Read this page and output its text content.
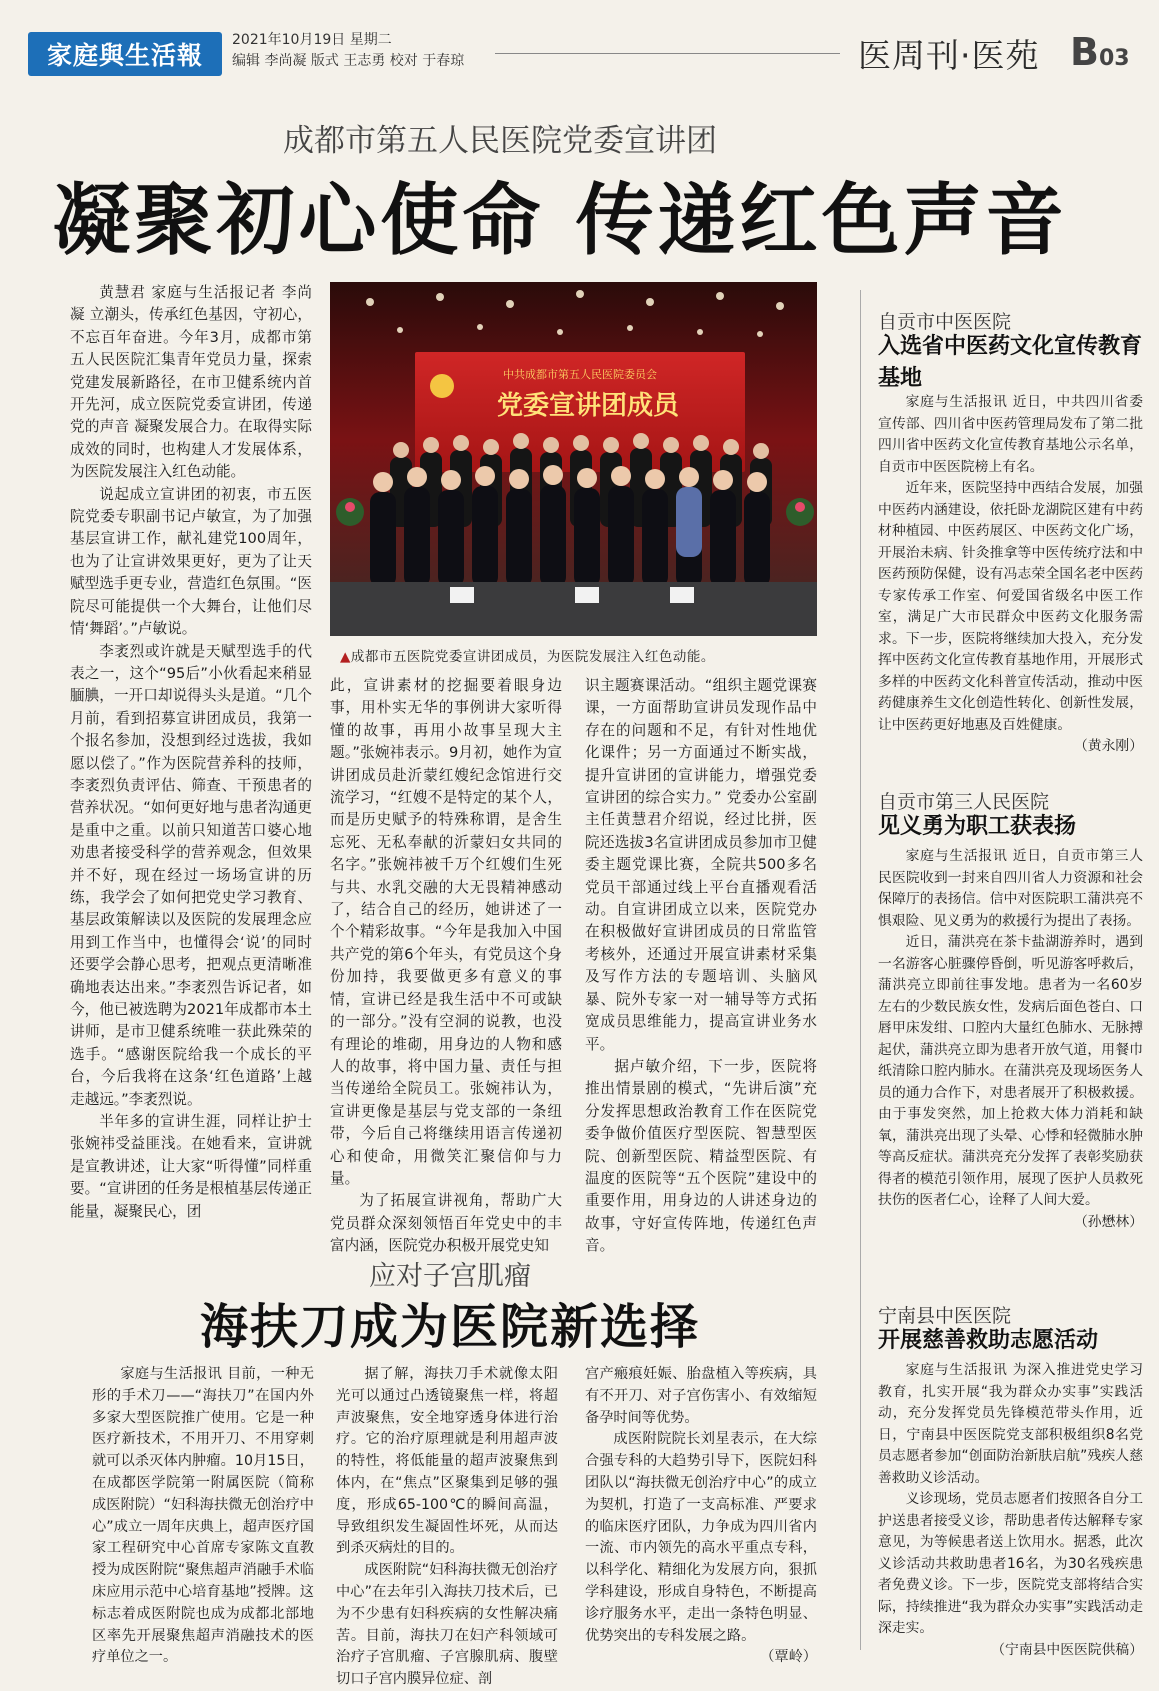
家庭與生活報
2021年10月19日 星期二
编辑 李尚凝 版式 王志勇 校对 于春琼	医周刊·医苑 B03
成都市第五人民医院党委宣讲团
凝聚初心使命 传递红色声音

黄慧君 家庭与生活报记者 李尚凝 立潮头，传承红色基因，守初心，不忘百年奋进。今年3月，成都市第五人民医院汇集青年党员力量，探索党建发展新路径，在市卫健系统内首开先河，成立医院党委宣讲团，传递党的声音 凝聚发展合力。在取得实际成效的同时，也构建人才发展体系，为医院发展注入红色动能。

说起成立宣讲团的初衷，市五医院党委专职副书记卢敏宣，为了加强基层宣讲工作，献礼建党100周年，也为了让宣讲效果更好，更为了让天赋型选手更专业，营造红色氛围。“医院尽可能提供一个大舞台，让他们尽情‘舞蹈’。”卢敏说。

李袤烈或许就是天赋型选手的代表之一，这个“95后”小伙看起来稍显腼腆，一开口却说得头头是道。“几个月前，看到招募宣讲团成员，我第一个报名参加，没想到经过选拔，我如愿以偿了。”作为医院营养科的技师，李袤烈负责评估、筛查、干预患者的营养状况。“如何更好地与患者沟通更是重中之重。以前只知道苦口婆心地劝患者接受科学的营养观念，但效果并不好，现在经过一场场宣讲的历练，我学会了如何把党史学习教育、基层政策解读以及医院的发展理念应用到工作当中，也懂得会‘说’的同时还要学会静心思考，把观点更清晰准确地表达出来。”李袤烈告诉记者，如今，他已被选聘为2021年成都市本土讲师，是市卫健系统唯一获此殊荣的选手。“感谢医院给我一个成长的平台，今后我将在这条‘红色道路’上越走越远。”李袤烈说。

半年多的宣讲生涯，同样让护士张婉祎受益匪浅。在她看来，宣讲就是宣教讲述，让大家“听得懂”同样重要。“宣讲团的任务是根植基层传递正能量，凝聚民心，团

中共成都市第五人民医院委员会
党委宣讲团成员
▲成都市五医院党委宣讲团成员，为医院发展注入红色动能。

此，宣讲素材的挖掘要着眼身边事，用朴实无华的事例讲大家听得懂的故事，再用小故事呈现大主题。”张婉祎表示。9月初，她作为宣讲团成员赴沂蒙红嫂纪念馆进行交流学习，“红嫂不是特定的某个人，而是历史赋予的特殊称谓，是舍生忘死、无私奉献的沂蒙妇女共同的名字。”张婉祎被千万个红嫂们生死与共、水乳交融的大无畏精神感动了，结合自己的经历，她讲述了一个个精彩故事。“今年是我加入中国共产党的第6个年头，有党员这个身份加持，我要做更多有意义的事情，宣讲已经是我生活中不可或缺的一部分。”没有空洞的说教，也没有理论的堆砌，用身边的人物和感人的故事，将中国力量、责任与担当传递给全院员工。张婉祎认为，宣讲更像是基层与党支部的一条纽带，今后自己将继续用语言传递初心和使命，用微笑汇聚信仰与力量。

为了拓展宣讲视角，帮助广大党员群众深刻领悟百年党史中的丰富内涵，医院党办积极开展党史知

识主题赛课活动。“组织主题党课赛课，一方面帮助宣讲员发现作品中存在的问题和不足，有针对性地优化课件；另一方面通过不断实战，提升宣讲团的宣讲能力，增强党委宣讲团的综合实力。” 党委办公室副主任黄慧君介绍说，经过比拼，医院还选拔3名宣讲团成员参加市卫健委主题党课比赛，全院共500多名党员干部通过线上平台直播观看活动。自宣讲团成立以来，医院党办在积极做好宣讲团成员的日常监管考核外，还通过开展宣讲素材采集及写作方法的专题培训、头脑风暴、院外专家一对一辅导等方式拓宽成员思维能力，提高宣讲业务水平。

据卢敏介绍，下一步，医院将推出情景剧的模式，“先讲后演”充分发挥思想政治教育工作在医院党委争做价值医疗型医院、智慧型医院、创新型医院、精益型医院、有温度的医院等“五个医院”建设中的重要作用，用身边的人讲述身边的故事，守好宣传阵地，传递红色声音。

自贡市中医医院
入选省中医药文化宣传教育基地

家庭与生活报讯 近日，中共四川省委宣传部、四川省中医药管理局发布了第二批四川省中医药文化宣传教育基地公示名单，自贡市中医医院榜上有名。

近年来，医院坚持中西结合发展，加强中医药内涵建设，依托卧龙湖院区建有中药材种植园、中医药展区、中医药文化广场，开展治未病、针灸推拿等中医传统疗法和中医药预防保健，设有冯志荣全国名老中医药专家传承工作室、何爱国省级名中医工作室，满足广大市民群众中医药文化服务需求。下一步，医院将继续加大投入，充分发挥中医药文化宣传教育基地作用，开展形式多样的中医药文化科普宣传活动，推动中医药健康养生文化创造性转化、创新性发展，让中医药更好地惠及百姓健康。

（黄永刚）
自贡市第三人民医院
见义勇为职工获表扬

家庭与生活报讯 近日，自贡市第三人民医院收到一封来自四川省人力资源和社会保障厅的表扬信。信中对医院职工蒲洪亮不惧艰险、见义勇为的救援行为提出了表扬。

近日，蒲洪亮在茶卡盐湖游养时，遇到一名游客心脏骤停昏倒，听见游客呼救后，蒲洪亮立即前往事发地。患者为一名60岁左右的少数民族女性，发病后面色苍白、口唇甲床发绀、口腔内大量红色肺水、无脉搏起伏，蒲洪亮立即为患者开放气道，用餐巾纸清除口腔内肺水。在蒲洪亮及现场医务人员的通力合作下，对患者展开了积极救援。由于事发突然，加上抢救大体力消耗和缺氧，蒲洪亮出现了头晕、心悸和轻微肺水肿等高反症状。蒲洪亮充分发挥了表彰奖励获得者的模范引领作用，展现了医护人员救死扶伤的医者仁心，诠释了人间大爱。

（孙懋林）
宁南县中医医院
开展慈善救助志愿活动

家庭与生活报讯 为深入推进党史学习教育，扎实开展“我为群众办实事”实践活动，充分发挥党员先锋模范带头作用，近日，宁南县中医医院党支部积极组织8名党员志愿者参加“创面防治新肤启航”残疾人慈善救助义诊活动。

义诊现场，党员志愿者们按照各自分工护送患者接受义诊，帮助患者传达解释专家意见，为等候患者送上饮用水。据悉，此次义诊活动共救助患者16名，为30名残疾患者免费义诊。下一步，医院党支部将结合实际，持续推进“我为群众办实事”实践活动走深走实。

（宁南县中医医院供稿）
应对子宫肌瘤
海扶刀成为医院新选择

家庭与生活报讯 目前，一种无形的手术刀——“海扶刀”在国内外多家大型医院推广使用。它是一种医疗新技术，不用开刀、不用穿刺就可以杀灭体内肿瘤。10月15日，在成都医学院第一附属医院（简称成医附院）“妇科海扶微无创治疗中心”成立一周年庆典上，超声医疗国家工程研究中心首席专家陈文直教授为成医附院“聚焦超声消融手术临床应用示范中心培育基地”授牌。这标志着成医附院也成为成都北部地区率先开展聚焦超声消融技术的医疗单位之一。

据了解，海扶刀手术就像太阳光可以通过凸透镜聚焦一样，将超声波聚焦，安全地穿透身体进行治疗。它的治疗原理就是利用超声波的特性，将低能量的超声波聚焦到体内，在“焦点”区聚集到足够的强度，形成65-100℃的瞬间高温，导致组织发生凝固性坏死，从而达到杀灭病灶的目的。

成医附院“妇科海扶微无创治疗中心”在去年引入海扶刀技术后，已为不少患有妇科疾病的女性解决痛苦。目前，海扶刀在妇产科领域可治疗子宫肌瘤、子宫腺肌病、腹壁切口子宫内膜异位症、剖

宫产瘢痕妊娠、胎盘植入等疾病，具有不开刀、对子宫伤害小、有效缩短备孕时间等优势。

成医附院院长刘星表示，在大综合强专科的大趋势引导下，医院妇科团队以“海扶微无创治疗中心”的成立为契机，打造了一支高标准、严要求的临床医疗团队，力争成为四川省内一流、市内领先的高水平重点专科，以科学化、精细化为发展方向，狠抓学科建设，形成自身特色，不断提高诊疗服务水平，走出一条特色明显、优势突出的专科发展之路。

（覃岭）
